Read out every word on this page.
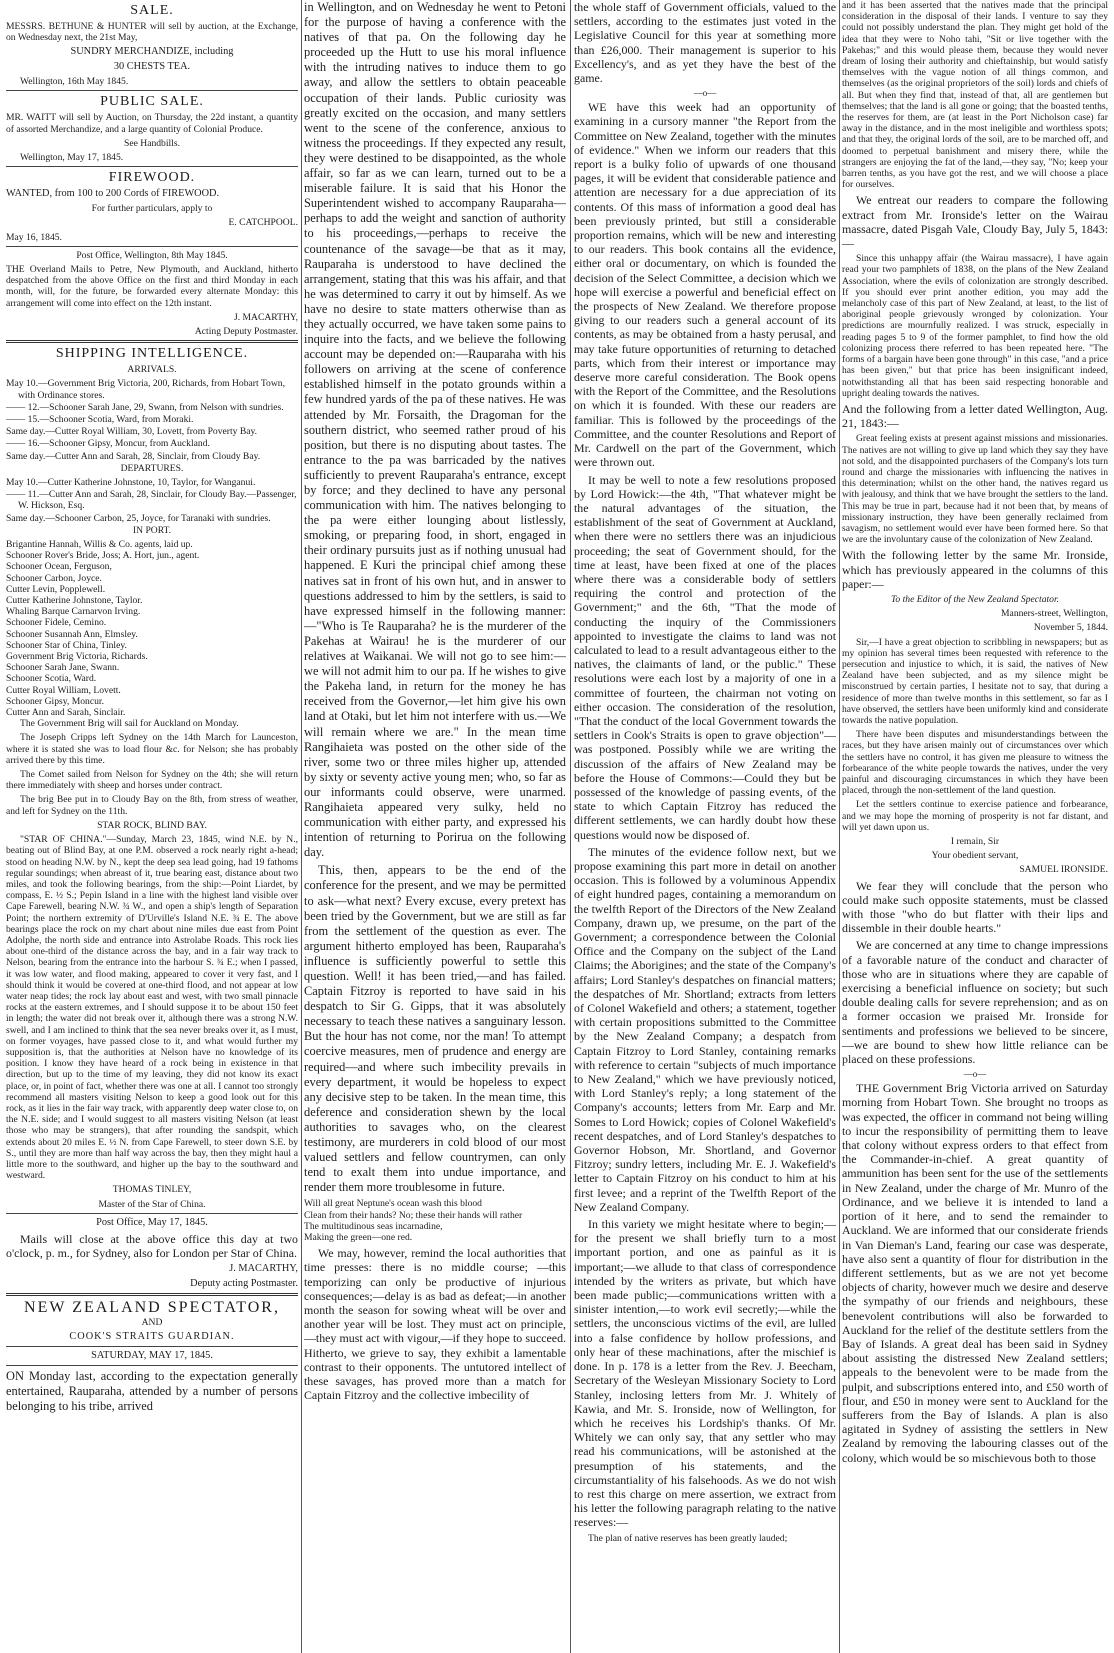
SALE.

MESSRS. BETHUNE & HUNTER will sell by auction, at the Exchange, on Wednesday next, the 21st May,

SUNDRY MERCHANDIZE, including

30 CHESTS TEA.

Wellington, 16th May 1845.

PUBLIC SALE.

MR. WAITT will sell by Auction, on Thursday, the 22d instant, a quantity of assorted Merchandize, and a large quantity of Colonial Produce.

See Handbills.

Wellington, May 17, 1845.

FIREWOOD.

WANTED, from 100 to 200 Cords of FIREWOOD.

For further particulars, apply to

E. CATCHPOOL.

May 16, 1845.

Post Office, Wellington, 8th May 1845.

THE Overland Mails to Petre, New Plymouth, and Auckland, hitherto despatched from the above Office on the first and third Monday in each month, will, for the future, be forwarded every alternate Monday: this arrangement will come into effect on the 12th instant.

J. MACARTHY,

Acting Deputy Postmaster.

SHIPPING INTELLIGENCE.

ARRIVALS.

May 10.—Government Brig Victoria, 200, Richards, from Hobart Town, with Ordinance stores.

—— 12.—Schooner Sarah Jane, 29, Swann, from Nelson with sundries.

—— 15.—Schooner Scotia, Ward, from Moraki.

Same day.—Cutter Royal William, 30, Lovett, from Poverty Bay.

—— 16.—Schooner Gipsy, Moncur, from Auckland.

Same day.—Cutter Ann and Sarah, 28, Sinclair, from Cloudy Bay.

DEPARTURES.

May 10.—Cutter Katherine Johnstone, 10, Taylor, for Wanganui.

—— 11.—Cutter Ann and Sarah, 28, Sinclair, for Cloudy Bay.—Passenger, W. Hickson, Esq.

Same day.—Schooner Carbon, 25, Joyce, for Taranaki with sundries.

IN PORT.

Brigantine Hannah, Willis & Co. agents, laid up.

Schooner Rover's Bride, Joss; A. Hort, jun., agent.

Schooner Ocean, Ferguson,

Schooner Carbon, Joyce.

Cutter Levin, Popplewell.

Cutter Katherine Johnstone, Taylor.

Whaling Barque Carnarvon Irving.

Schooner Fidele, Cemino.

Schooner Susannah Ann, Elmsley.

Schooner Star of China, Tinley.

Government Brig Victoria, Richards.

Schooner Sarah Jane, Swann.

Schooner Scotia, Ward.

Cutter Royal William, Lovett.

Schooner Gipsy, Moncur.

Cutter Ann and Sarah, Sinclair.

The Government Brig will sail for Auckland on Monday.

The Joseph Cripps left Sydney on the 14th March for Launceston, where it is stated she was to load flour &c. for Nelson; she has probably arrived there by this time.

The Comet sailed from Nelson for Sydney on the 4th; she will return there immediately with sheep and horses under contract.

The brig Bee put in to Cloudy Bay on the 8th, from stress of weather, and left for Sydney on the 11th.

STAR ROCK, BLIND BAY.

"STAR OF CHINA."—Sunday, March 23, 1845, wind N.E. by N., beating out of Blind Bay, at one P.M. observed a rock nearly right a-head; stood on heading N.W. by N., kept the deep sea lead going, had 19 fathoms regular soundings; when abreast of it, true bearing east, distance about two miles, and took the following bearings, from the ship:—Point Liardet, by compass, E. ½ S.; Pepin Island in a line with the highest land visible over Cape Farewell, bearing N.W. ¾ W., and open a ship's length of Separation Point; the northern extremity of D'Urville's Island N.E. ¾ E. The above bearings place the rock on my chart about nine miles due east from Point Adolphe, the north side and entrance into Astrolabe Roads. This rock lies about one-third of the distance across the bay, and in a fair way track to Nelson, bearing from the entrance into the harbour S. ¾ E.; when I passed, it was low water, and flood making, appeared to cover it very fast, and I should think it would be covered at one-third flood, and not appear at low water neap tides; the rock lay about east and west, with two small pinnacle rocks at the eastern extremes, and I should suppose it to be about 150 feet in length; the water did not break over it, although there was a strong N.W. swell, and I am inclined to think that the sea never breaks over it, as I must, on former voyages, have passed close to it, and what would further my supposition is, that the authorities at Nelson have no knowledge of its position. I know they have heard of a rock being in existence in that direction, but up to the time of my leaving, they did not know its exact place, or, in point of fact, whether there was one at all. I cannot too strongly recommend all masters visiting Nelson to keep a good look out for this rock, as it lies in the fair way track, with apparently deep water close to, on the N.E. side; and I would suggest to all masters visiting Nelson (at least those who may be strangers), that after rounding the sandspit, which extends about 20 miles E. ½ N. from Cape Farewell, to steer down S.E. by S., until they are more than half way across the bay, then they might haul a little more to the southward, and higher up the bay to the southward and westward.

THOMAS TINLEY,

Master of the Star of China.

Post Office, May 17, 1845.

Mails will close at the above office this day at two o'clock, p. m., for Sydney, also for London per Star of China.

J. MACARTHY,

Deputy acting Postmaster.

NEW ZEALAND SPECTATOR,

AND

COOK'S STRAITS GUARDIAN.

SATURDAY, MAY 17, 1845.

ON Monday last, according to the expectation generally entertained, Rauparaha, attended by a number of persons belonging to his tribe, arrived

in Wellington, and on Wednesday he went to Petoni for the purpose of having a conference with the natives of that pa. On the following day he proceeded up the Hutt to use his moral influence with the intruding natives to induce them to go away, and allow the settlers to obtain peaceable occupation of their lands. Public curiosity was greatly excited on the occasion, and many settlers went to the scene of the conference, anxious to witness the proceedings. If they expected any result, they were destined to be disappointed, as the whole affair, so far as we can learn, turned out to be a miserable failure. It is said that his Honor the Superintendent wished to accompany Rauparaha—perhaps to add the weight and sanction of authority to his proceedings,—perhaps to receive the countenance of the savage—be that as it may, Rauparaha is understood to have declined the arrangement, stating that this was his affair, and that he was determined to carry it out by himself. As we have no desire to state matters otherwise than as they actually occurred, we have taken some pains to inquire into the facts, and we believe the following account may be depended on:—Rauparaha with his followers on arriving at the scene of conference established himself in the potato grounds within a few hundred yards of the pa of these natives. He was attended by Mr. Forsaith, the Dragoman for the southern district, who seemed rather proud of his position, but there is no disputing about tastes. The entrance to the pa was barricaded by the natives sufficiently to prevent Rauparaha's entrance, except by force; and they declined to have any personal communication with him. The natives belonging to the pa were either lounging about listlessly, smoking, or preparing food, in short, engaged in their ordinary pursuits just as if nothing unusual had happened. E Kuri the principal chief among these natives sat in front of his own hut, and in answer to questions addressed to him by the settlers, is said to have expressed himself in the following manner:—"Who is Te Rauparaha? he is the murderer of the Pakehas at Wairau! he is the murderer of our relatives at Waikanai. We will not go to see him:—we will not admit him to our pa. If he wishes to give the Pakeha land, in return for the money he has received from the Governor,—let him give his own land at Otaki, but let him not interfere with us.—We will remain where we are." In the mean time Rangihaieta was posted on the other side of the river, some two or three miles higher up, attended by sixty or seventy active young men; who, so far as our informants could observe, were unarmed. Rangihaieta appeared very sulky, held no communication with either party, and expressed his intention of returning to Porirua on the following day.

This, then, appears to be the end of the conference for the present, and we may be permitted to ask—what next? Every excuse, every pretext has been tried by the Government, but we are still as far from the settlement of the question as ever. The argument hitherto employed has been, Rauparaha's influence is sufficiently powerful to settle this question. Well! it has been tried,—and has failed. Captain Fitzroy is reported to have said in his despatch to Sir G. Gipps, that it was absolutely necessary to teach these natives a sanguinary lesson. But the hour has not come, nor the man! To attempt coercive measures, men of prudence and energy are required—and where such imbecility prevails in every department, it would be hopeless to expect any decisive step to be taken. In the mean time, this deference and consideration shewn by the local authorities to savages who, on the clearest testimony, are murderers in cold blood of our most valued settlers and fellow countrymen, can only tend to exalt them into undue importance, and render them more troublesome in future.

Will all great Neptune's ocean wash this blood

Clean from their hands? No; these their hands will rather

The multitudinous seas incarnadine,

Making the green—one red.

We may, however, remind the local authorities that time presses: there is no middle course; —this temporizing can only be productive of injurious consequences;—delay is as bad as defeat;—in another month the season for sowing wheat will be over and another year will be lost. They must act on principle,—they must act with vigour,—if they hope to succeed. Hitherto, we grieve to say, they exhibit a lamentable contrast to their opponents. The untutored intellect of these savages, has proved more than a match for Captain Fitzroy and the collective imbecility of

the whole staff of Government officials, valued to the settlers, according to the estimates just voted in the Legislative Council for this year at something more than £26,000. Their management is superior to his Excellency's, and as yet they have the best of the game.

—o—

WE have this week had an opportunity of examining in a cursory manner "the Report from the Committee on New Zealand, together with the minutes of evidence." When we inform our readers that this report is a bulky folio of upwards of one thousand pages, it will be evident that considerable patience and attention are necessary for a due appreciation of its contents. Of this mass of information a good deal has been previously printed, but still a considerable proportion remains, which will be new and interesting to our readers. This book contains all the evidence, either oral or documentary, on which is founded the decision of the Select Committee, a decision which we hope will exercise a powerful and beneficial effect on the prospects of New Zealand. We therefore propose giving to our readers such a general account of its contents, as may be obtained from a hasty perusal, and may take future opportunities of returning to detached parts, which from their interest or importance may deserve more careful consideration. The Book opens with the Report of the Committee, and the Resolutions on which it is founded. With these our readers are familiar. This is followed by the proceedings of the Committee, and the counter Resolutions and Report of Mr. Cardwell on the part of the Government, which were thrown out.

It may be well to note a few resolutions proposed by Lord Howick:—the 4th, "That whatever might be the natural advantages of the situation, the establishment of the seat of Government at Auckland, when there were no settlers there was an injudicious proceeding; the seat of Government should, for the time at least, have been fixed at one of the places where there was a considerable body of settlers requiring the control and protection of the Government;" and the 6th, "That the mode of conducting the inquiry of the Commissioners appointed to investigate the claims to land was not calculated to lead to a result advantageous either to the natives, the claimants of land, or the public." These resolutions were each lost by a majority of one in a committee of fourteen, the chairman not voting on either occasion. The consideration of the resolution, "That the conduct of the local Government towards the settlers in Cook's Straits is open to grave objection"—was postponed. Possibly while we are writing the discussion of the affairs of New Zealand may be before the House of Commons:—Could they but be possessed of the knowledge of passing events, of the state to which Captain Fitzroy has reduced the different settlements, we can hardly doubt how these questions would now be disposed of.

The minutes of the evidence follow next, but we propose examining this part more in detail on another occasion. This is followed by a voluminous Appendix of eight hundred pages, containing a memorandum on the twelfth Report of the Directors of the New Zealand Company, drawn up, we presume, on the part of the Government; a correspondence between the Colonial Office and the Company on the subject of the Land Claims; the Aborigines; and the state of the Company's affairs; Lord Stanley's despatches on financial matters; the despatches of Mr. Shortland; extracts from letters of Colonel Wakefield and others; a statement, together with certain propositions submitted to the Committee by the New Zealand Company; a despatch from Captain Fitzroy to Lord Stanley, containing remarks with reference to certain "subjects of much importance to New Zealand," which we have previously noticed, with Lord Stanley's reply; a long statement of the Company's accounts; letters from Mr. Earp and Mr. Somes to Lord Howick; copies of Colonel Wakefield's recent despatches, and of Lord Stanley's despatches to Governor Hobson, Mr. Shortland, and Governor Fitzroy; sundry letters, including Mr. E. J. Wakefield's letter to Captain Fitzroy on his conduct to him at his first levee; and a reprint of the Twelfth Report of the New Zealand Company.

In this variety we might hesitate where to begin;—for the present we shall briefly turn to a most important portion, and one as painful as it is important;—we allude to that class of correspondence intended by the writers as private, but which have been made public;—communications written with a sinister intention,—to work evil secretly;—while the settlers, the unconscious victims of the evil, are lulled into a false confidence by hollow professions, and only hear of these machinations, after the mischief is done. In p. 178 is a letter from the Rev. J. Beecham, Secretary of the Wesleyan Missionary Society to Lord Stanley, inclosing letters from Mr. J. Whitely of Kawia, and Mr. S. Ironside, now of Wellington, for which he receives his Lordship's thanks. Of Mr. Whitely we can only say, that any settler who may read his communications, will be astonished at the presumption of his statements, and the circumstantiality of his falsehoods. As we do not wish to rest this charge on mere assertion, we extract from his letter the following paragraph relating to the native reserves:—

The plan of native reserves has been greatly lauded;

and it has been asserted that the natives made that the principal consideration in the disposal of their lands. I venture to say they could not possibly understand the plan. They might get hold of the idea that they were to Noho tahi, "Sit or live together with the Pakehas;" and this would please them, because they would never dream of losing their authority and chieftainship, but would satisfy themselves with the vague notion of all things common, and themselves (as the original proprietors of the soil) lords and chiefs of all. But when they find that, instead of that, all are gentlemen but themselves; that the land is all gone or going; that the boasted tenths, the reserves for them, are (at least in the Port Nicholson case) far away in the distance, and in the most ineligible and worthless spots; and that they, the original lords of the soil, are to be marched off, and doomed to perpetual banishment and misery there, while the strangers are enjoying the fat of the land,—they say, "No; keep your barren tenths, as you have got the rest, and we will choose a place for ourselves.

We entreat our readers to compare the following extract from Mr. Ironside's letter on the Wairau massacre, dated Pisgah Vale, Cloudy Bay, July 5, 1843:—

Since this unhappy affair (the Wairau massacre), I have again read your two pamphlets of 1838, on the plans of the New Zealand Association, where the evils of colonization are strongly described. If you should ever print another edition, you may add the melancholy case of this part of New Zealand, at least, to the list of aboriginal people grievously wronged by colonization. Your predictions are mournfully realized. I was struck, especially in reading pages 5 to 9 of the former pamphlet, to find how the old colonizing process there referred to has been repeated here. "The forms of a bargain have been gone through" in this case, "and a price has been given," but that price has been insignificant indeed, notwithstanding all that has been said respecting honorable and upright dealing towards the natives.

And the following from a letter dated Wellington, Aug. 21, 1843:—

Great feeling exists at present against missions and missionaries. The natives are not willing to give up land which they say they have not sold, and the disappointed purchasers of the Company's lots turn round and charge the missionaries with influencing the natives in this determination; whilst on the other hand, the natives regard us with jealousy, and think that we have brought the settlers to the land. This may be true in part, because had it not been that, by means of missionary instruction, they have been generally reclaimed from savagism, no settlement would ever have been formed here. So that we are the involuntary cause of the colonization of New Zealand.

With the following letter by the same Mr. Ironside, which has previously appeared in the columns of this paper:—

To the Editor of the New Zealand Spectator.

Manners-street, Wellington,

November 5, 1844.

Sir,—I have a great objection to scribbling in newspapers; but as my opinion has several times been requested with reference to the persecution and injustice to which, it is said, the natives of New Zealand have been subjected, and as my silence might be misconstrued by certain parties, I hesitate not to say, that during a residence of more than twelve months in this settlement, so far as I have observed, the settlers have been uniformly kind and considerate towards the native population.

There have been disputes and misunderstandings between the races, but they have arisen mainly out of circumstances over which the settlers have no control, it has given me pleasure to witness the forbearance of the white people towards the natives, under the very painful and discouraging circumstances in which they have been placed, through the non-settlement of the land question.

Let the settlers continue to exercise patience and forbearance, and we may hope the morning of prosperity is not far distant, and will yet dawn upon us.

I remain, Sir

Your obedient servant,

SAMUEL IRONSIDE.

We fear they will conclude that the person who could make such opposite statements, must be classed with those "who do but flatter with their lips and dissemble in their double hearts."

We are concerned at any time to change impressions of a favorable nature of the conduct and character of those who are in situations where they are capable of exercising a beneficial influence on society; but such double dealing calls for severe reprehension; and as on a former occasion we praised Mr. Ironside for sentiments and professions we believed to be sincere, —we are bound to shew how little reliance can be placed on these professions.

—o—

THE Government Brig Victoria arrived on Saturday morning from Hobart Town. She brought no troops as was expected, the officer in command not being willing to incur the responsibility of permitting them to leave that colony without express orders to that effect from the Commander-in-chief. A great quantity of ammunition has been sent for the use of the settlements in New Zealand, under the charge of Mr. Munro of the Ordinance, and we believe it is intended to land a portion of it here, and to send the remainder to Auckland. We are informed that our considerate friends in Van Dieman's Land, fearing our case was desperate, have also sent a quantity of flour for distribution in the different settlements, but as we are not yet become objects of charity, however much we desire and deserve the sympathy of our friends and neighbours, these benevolent contributions will also be forwarded to Auckland for the relief of the destitute settlers from the Bay of Islands. A great deal has been said in Sydney about assisting the distressed New Zealand settlers; appeals to the benevolent were to be made from the pulpit, and subscriptions entered into, and £50 worth of flour, and £50 in money were sent to Auckland for the sufferers from the Bay of Islands. A plan is also agitated in Sydney of assisting the settlers in New Zealand by removing the labouring classes out of the colony, which would be so mischievous both to those
